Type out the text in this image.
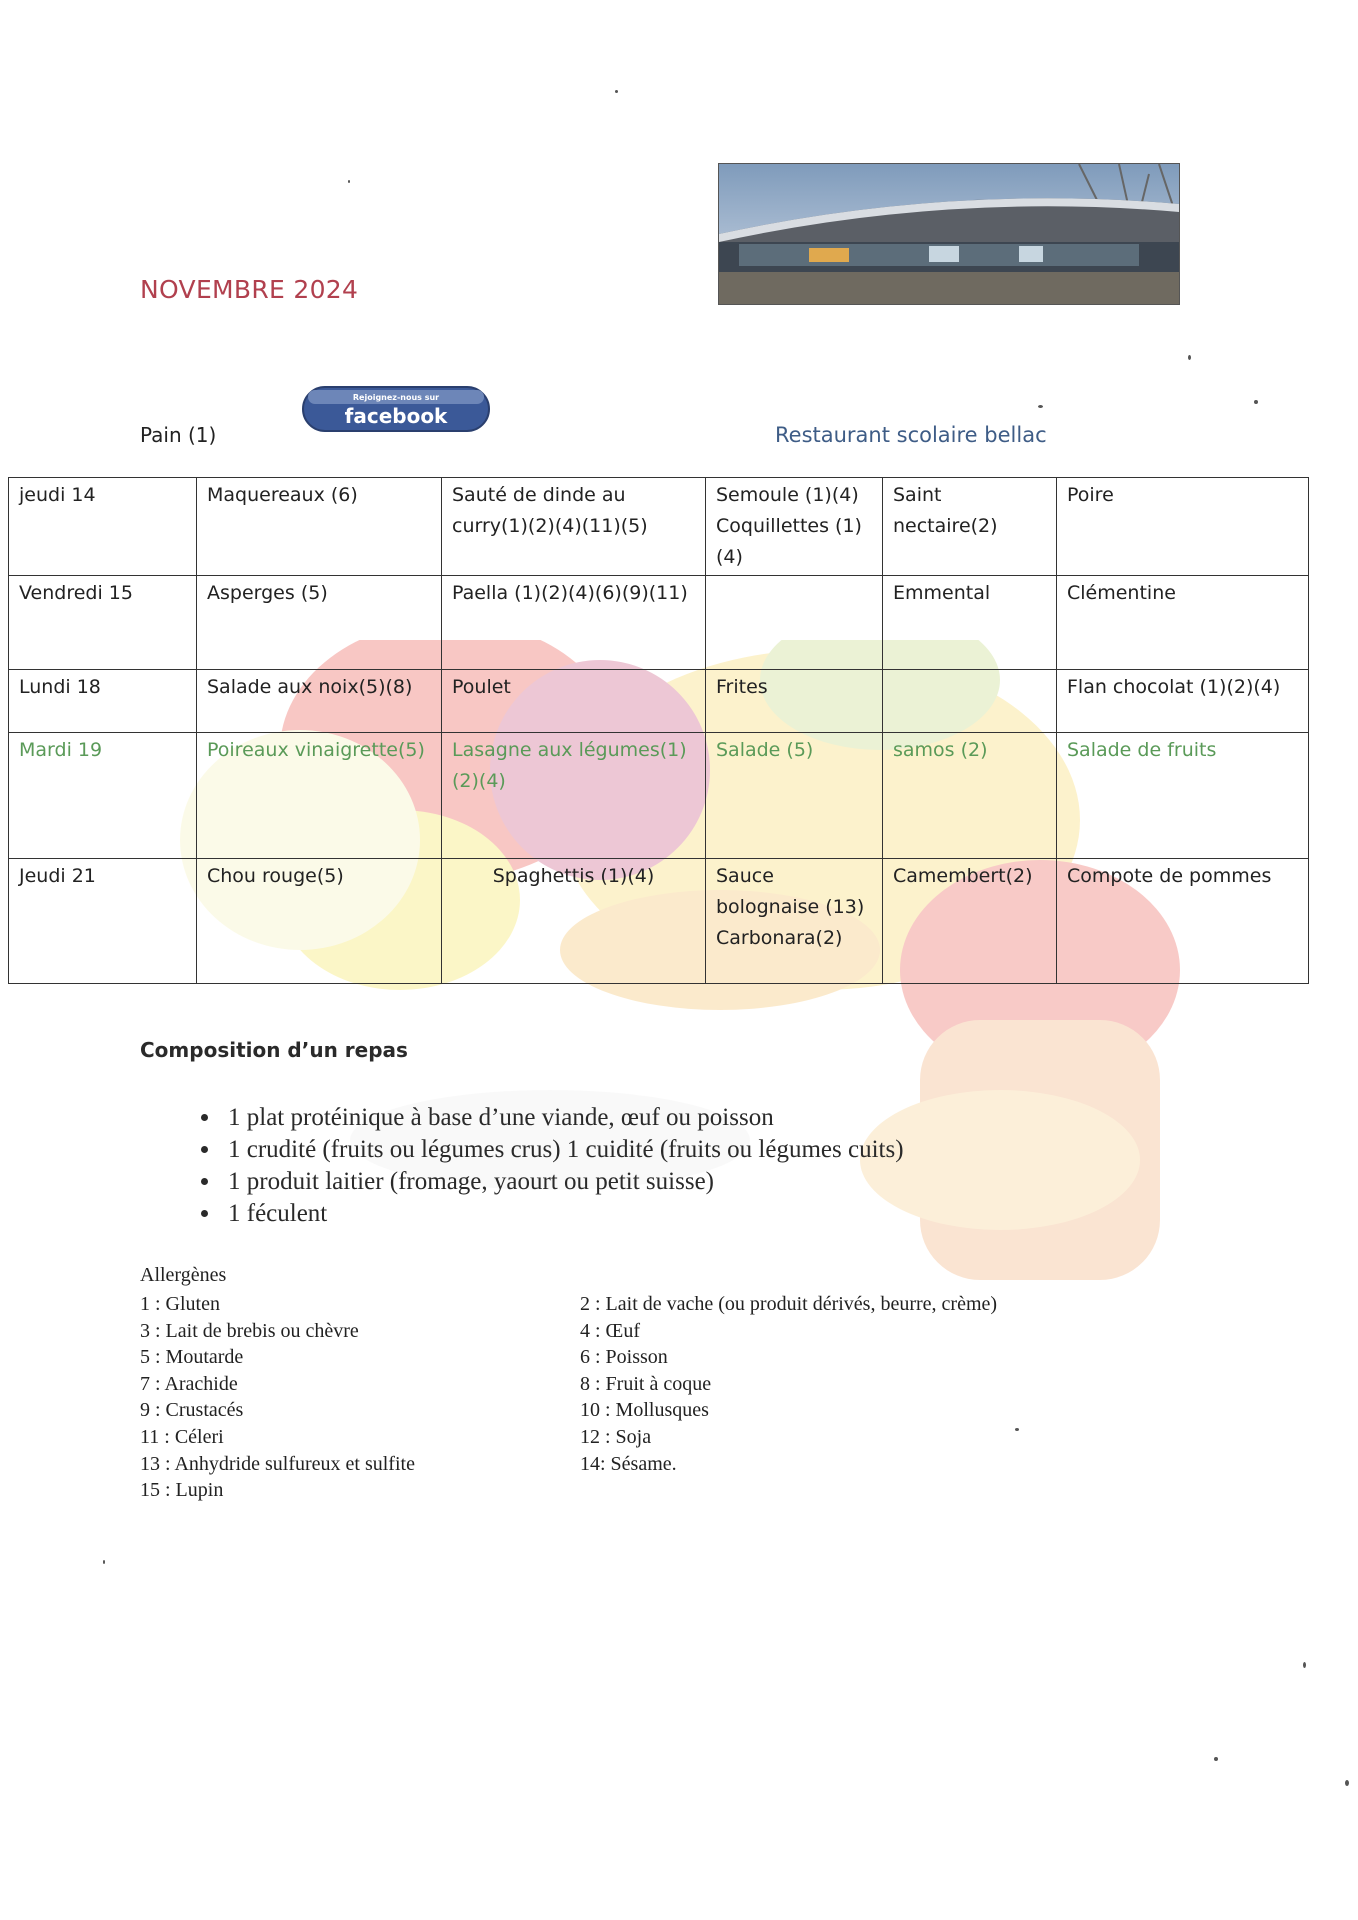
NOVEMBRE 2024
Rejoignez-nous sur
facebook
Pain (1)	Restaurant scolaire bellac
jeudi 14	Maquereaux (6)	Sauté de dinde au curry(1)(2)(4)(11)(5)	Semoule (1)(4) Coquillettes (1)(4)	Saint nectaire(2)	Poire
Vendredi 15	Asperges (5)	Paella (1)(2)(4)(6)(9)(11)		Emmental	Clémentine
Lundi 18	Salade aux noix(5)(8)	Poulet	Frites		Flan chocolat (1)(2)(4)
Mardi 19	Poireaux vinaigrette(5)	Lasagne aux légumes(1)(2)(4)	Salade (5)	samos (2)	Salade de fruits
Jeudi 21	Chou rouge(5)	Spaghettis (1)(4)	Sauce bolognaise (13) Carbonara(2)	Camembert(2)	Compote de pommes
Composition d’un repas
• 1 plat protéinique à base d’une viande, œuf ou poisson
• 1 crudité (fruits ou légumes crus) 1 cuidité (fruits ou légumes cuits)
• 1 produit laitier (fromage, yaourt ou petit suisse)
• 1 féculent
Allergènes
1 : Gluten
3 : Lait de brebis ou chèvre
5 : Moutarde
7 : Arachide
9 : Crustacés
11 : Céleri
13 : Anhydride sulfureux et sulfite
15 : Lupin
2 : Lait de vache (ou produit dérivés, beurre, crème)
4 : Œuf
6 : Poisson
8 : Fruit à coque
10 : Mollusques
12 : Soja
14: Sésame.
